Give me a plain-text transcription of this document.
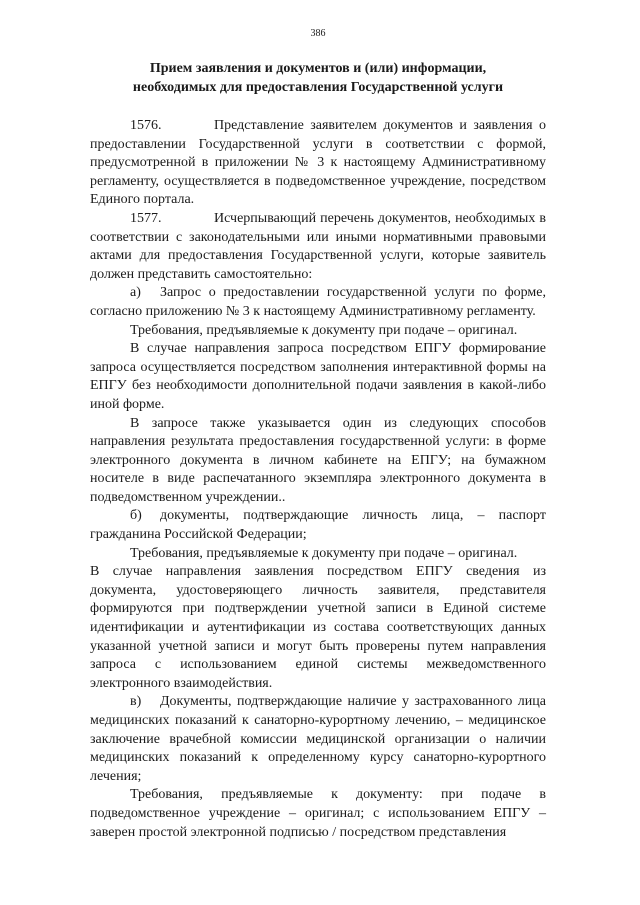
386
Прием заявления и документов и (или) информации,
необходимых для предоставления Государственной услуги
1576.	Представление заявителем документов и заявления о предоставлении Государственной услуги в соответствии с формой, предусмотренной в приложении № 3 к настоящему Административному регламенту, осуществляется в подведомственное учреждение, посредством Единого портала.
1577.	Исчерпывающий перечень документов, необходимых в соответствии с законодательными или иными нормативными правовыми актами для предоставления Государственной услуги, которые заявитель должен представить самостоятельно:
а) Запрос о предоставлении государственной услуги по форме, согласно приложению № 3 к настоящему Административному регламенту.
Требования, предъявляемые к документу при подаче – оригинал.
В случае направления запроса посредством ЕПГУ формирование запроса осуществляется посредством заполнения интерактивной формы на ЕПГУ без необходимости дополнительной подачи заявления в какой-либо иной форме.
В запросе также указывается один из следующих способов направления результата предоставления государственной услуги: в форме электронного документа в личном кабинете на ЕПГУ; на бумажном носителе в виде распечатанного экземпляра электронного документа в подведомственном учреждении..
б) документы, подтверждающие личность лица, – паспорт гражданина Российской Федерации;
Требования, предъявляемые к документу при подаче – оригинал.
В случае направления заявления посредством ЕПГУ сведения из документа, удостоверяющего личность заявителя, представителя формируются при подтверждении учетной записи в Единой системе идентификации и аутентификации из состава соответствующих данных указанной учетной записи и могут быть проверены путем направления запроса с использованием единой системы межведомственного электронного взаимодействия.
в) Документы, подтверждающие наличие у застрахованного лица медицинских показаний к санаторно-курортному лечению, – медицинское заключение врачебной комиссии медицинской организации о наличии медицинских показаний к определенному курсу санаторно-курортного лечения;
Требования, предъявляемые к документу: при подаче в подведомственное учреждение – оригинал; с использованием ЕПГУ – заверен простой электронной подписью / посредством представления
